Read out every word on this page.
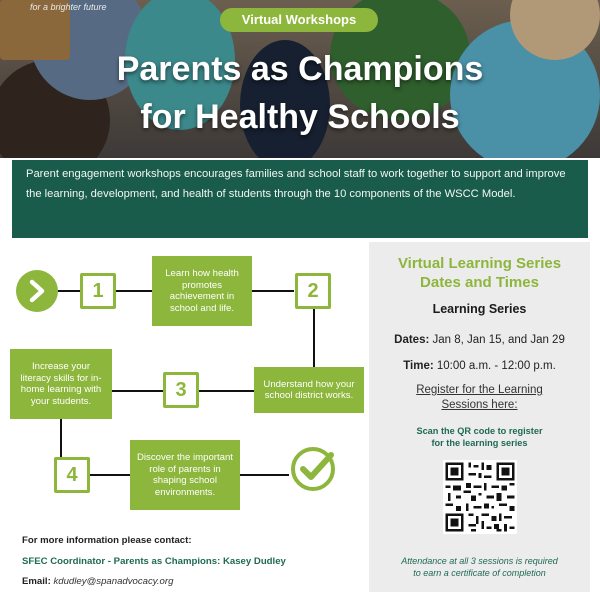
for a brighter future
Virtual Workshops
Parents as Champions
for Healthy Schools
Parent engagement workshops encourages families and school staff to work together to support and improve the learning, development, and health of students through the 10 components of the WSCC Model.
1
Learn how health promotes achievement in school and life.
2
Understand how your school district works.
3
Increase your literacy skills for in-home learning with your students.
4
Discover the important role of parents in shaping school environments.
For more information please contact:
SFEC Coordinator - Parents as Champions: Kasey Dudley
Email: kdudley@spanadvocacy.org
Virtual Learning Series
Dates and Times
Learning Series
Dates: Jan 8, Jan 15, and Jan 29
Time: 10:00 a.m. - 12:00 p.m.
Register for the Learning
Sessions here:
Scan the QR code to register
for the learning series
Attendance at all 3 sessions is required
to earn a certificate of completion
